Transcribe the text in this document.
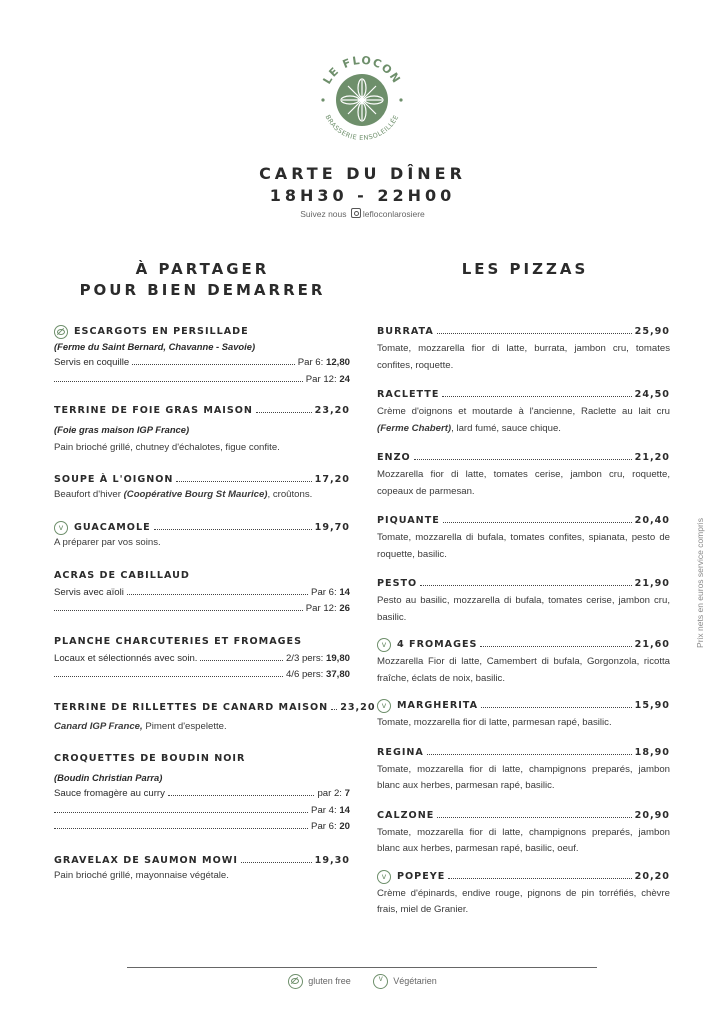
LE FLOCON
BRASSERIE ENSOLEILLÉE
CARTE DU DÎNER
18H30 - 22H00
Suivez nous lefloconlarosiere
À PARTAGER
POUR BIEN DEMARRER
LES PIZZAS
ESCARGOTS EN PERSILLADE
(Ferme du Saint Bernard, Chavanne - Savoie)
Servis en coquille	Par 6: 12,80
Par 12: 24
TERRINE DE FOIE GRAS MAISON	23,20
(Foie gras maison IGP France)
Pain brioché grillé, chutney d'échalotes, figue confite.
SOUPE À L'OIGNON	17,20
Beaufort d'hiver (Coopérative Bourg St Maurice), croûtons.
v
GUACAMOLE	19,70
A préparer par vos soins.
ACRAS DE CABILLAUD
Servis avec aïoli	Par 6: 14
Par 12: 26
PLANCHE CHARCUTERIES ET FROMAGES
Locaux et sélectionnés avec soin.	2/3 pers: 19,80
4/6 pers: 37,80
TERRINE DE RILLETTES DE CANARD MAISON 23,20
Canard IGP France, Piment d'espelette.
CROQUETTES DE BOUDIN NOIR
(Boudin Christian Parra)
Sauce fromagère au curry	par 2: 7
Par 4: 14
Par 6: 20
GRAVELAX DE SAUMON MOWI	19,30
Pain brioché grillé, mayonnaise végétale.
BURRATA	25,90
Tomate, mozzarella fior di latte, burrata, jambon cru, tomates confites, roquette.
RACLETTE	24,50
Crème d'oignons et moutarde à l'ancienne, Raclette au lait cru (Ferme Chabert), lard fumé, sauce chique.
ENZO	21,20
Mozzarella fior di latte, tomates cerise, jambon cru, roquette, copeaux de parmesan.
PIQUANTE	20,40
Tomate, mozzarella di bufala, tomates confites, spianata, pesto de roquette, basilic.
PESTO	21,90
Pesto au basilic, mozzarella di bufala, tomates cerise, jambon cru, basilic.
v
4 FROMAGES	21,60
Mozzarella Fior di latte, Camembert di bufala, Gorgonzola, ricotta fraîche, éclats de noix, basilic.
v
MARGHERITA	15,90
Tomate, mozzarella fior di latte, parmesan rapé, basilic.
REGINA	18,90
Tomate, mozzarella fior di latte, champignons preparés, jambon blanc aux herbes, parmesan rapé, basilic.
CALZONE	20,90
Tomate, mozzarella fior di latte, champignons preparés, jambon blanc aux herbes, parmesan rapé, basilic, oeuf.
v
POPEYE	20,20
Crème d'épinards, endive rouge, pignons de pin torréfiés, chèvre frais, miel de Granier.
Prix nets en euros service compris
gluten free v	Végétarien
